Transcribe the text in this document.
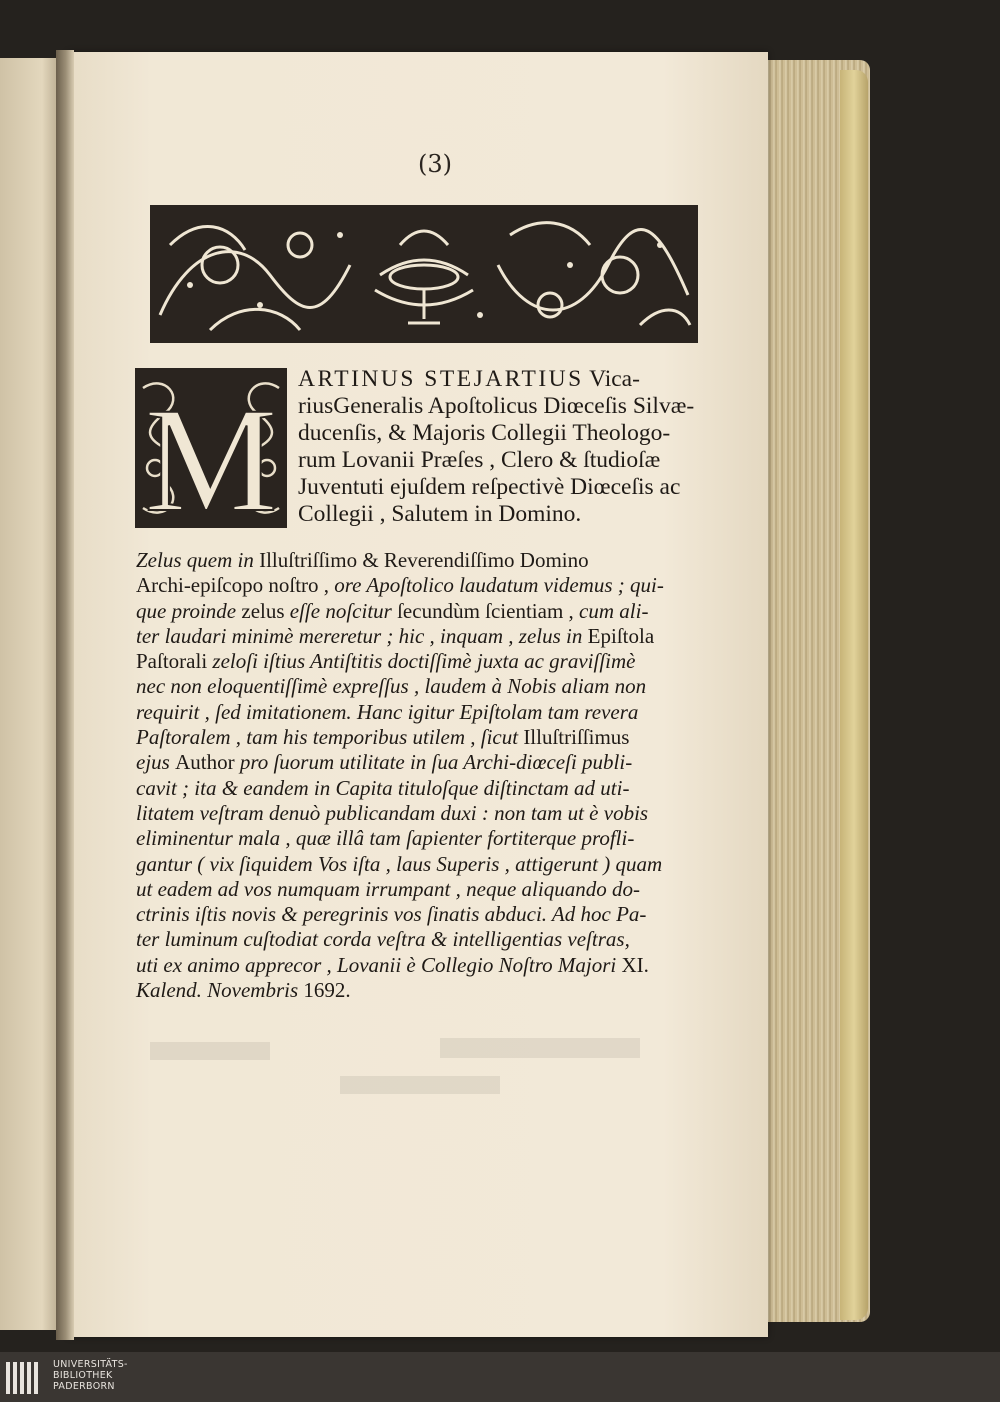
(3)
M ARTINUS STEJARTIUS Vica-
riusGeneralis Apoſtolicus Diœceſis Silvæ-
ducenſis, & Majoris Collegii Theologo-
rum Lovanii Præſes , Clero & ſtudioſæ
Juventuti ejuſdem reſpectivè Diœceſis ac
Collegii , Salutem in Domino.
Zelus quem in Illuſtriſſimo & Reverendiſſimo Domino
Archi-epiſcopo noſtro , ore Apoſtolico laudatum videmus ; qui-
que proinde zelus eſſe noſcitur ſecundùm ſcientiam , cum ali-
ter laudari minimè mereretur ; hic , inquam , zelus in Epiſtola
Paſtorali zeloſi iſtius Antiſtitis doctiſſimè juxta ac graviſſimè
nec non eloquentiſſimè expreſſus , laudem à Nobis aliam non
requirit , ſed imitationem. Hanc igitur Epiſtolam tam revera
Paſtoralem , tam his temporibus utilem , ſicut Illuſtriſſimus
ejus Author pro ſuorum utilitate in ſua Archi-diœceſi publi-
cavit ; ita & eandem in Capita tituloſque diſtinctam ad uti-
litatem veſtram denuò publicandam duxi : non tam ut è vobis
eliminentur mala , quæ illâ tam ſapienter fortiterque profli-
gantur ( vix ſiquidem Vos iſta , laus Superis , attigerunt ) quam
ut eadem ad vos numquam irrumpant , neque aliquando do-
ctrinis iſtis novis & peregrinis vos ſinatis abduci. Ad hoc Pa-
ter luminum cuſtodiat corda veſtra & intelligentias veſtras,
uti ex animo apprecor , Lovanii è Collegio Noſtro Majori XI.
Kalend. Novembris 1692.
UNIVERSITÄTS-
BIBLIOTHEK
PADERBORN
